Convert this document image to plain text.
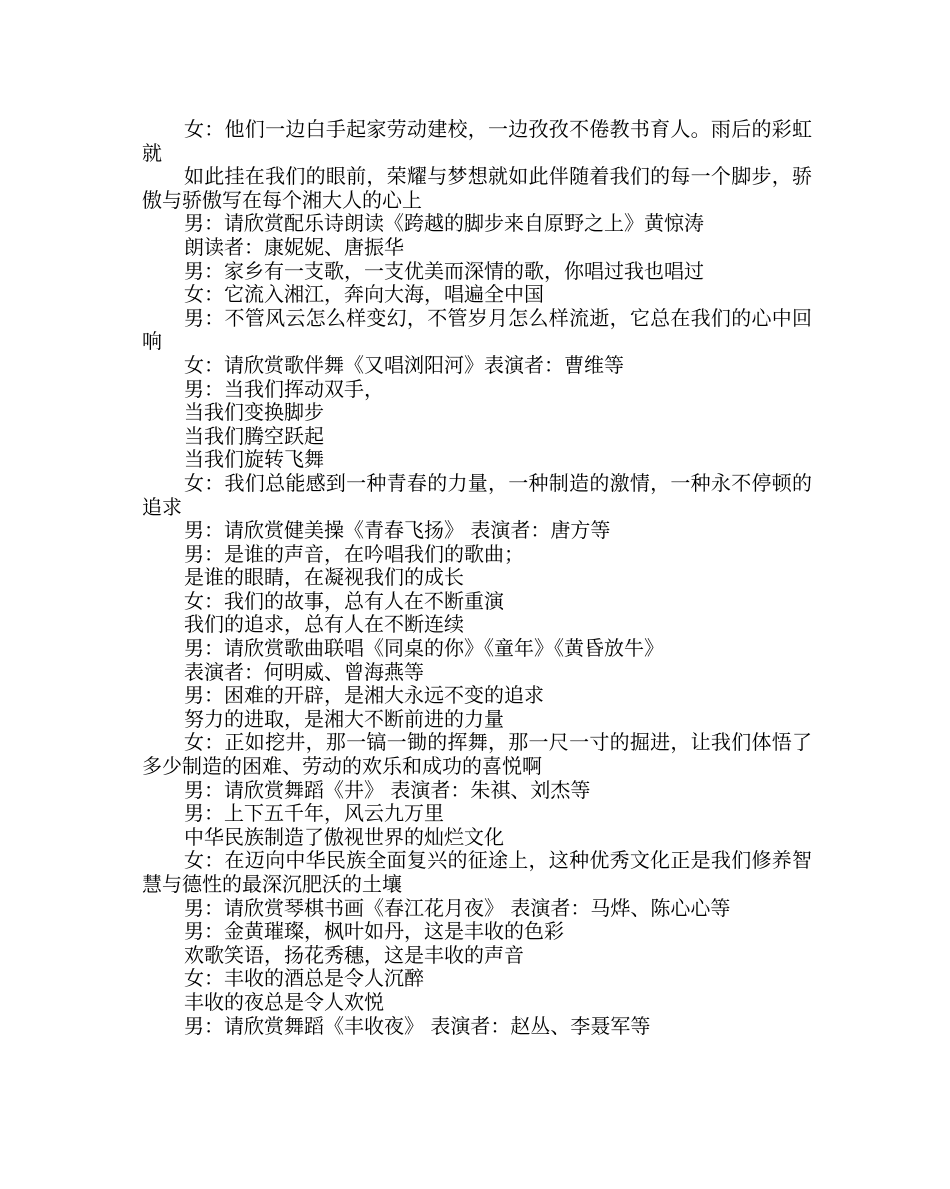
女：他们一边白手起家劳动建校，一边孜孜不倦教书育人。雨后的彩虹就

如此挂在我们的眼前，荣耀与梦想就如此伴随着我们的每一个脚步，骄傲与骄傲写在每个湘大人的心上

男：请欣赏配乐诗朗读《跨越的脚步来自原野之上》黄惊涛

朗读者：康妮妮、唐振华

男：家乡有一支歌，一支优美而深情的歌，你唱过我也唱过

女：它流入湘江，奔向大海，唱遍全中国

男：不管风云怎么样变幻，不管岁月怎么样流逝，它总在我们的心中回响

女：请欣赏歌伴舞《又唱浏阳河》表演者：曹维等

男：当我们挥动双手，

当我们变换脚步

当我们腾空跃起

当我们旋转飞舞

女：我们总能感到一种青春的力量，一种制造的激情，一种永不停顿的追求

男：请欣赏健美操《青春飞扬》 表演者：唐方等

男：是谁的声音，在吟唱我们的歌曲；

是谁的眼睛，在凝视我们的成长

女：我们的故事，总有人在不断重演

我们的追求，总有人在不断连续

男：请欣赏歌曲联唱《同桌的你》《童年》《黄昏放牛》

表演者：何明威、曾海燕等

男：困难的开辟，是湘大永远不变的追求

努力的进取，是湘大不断前进的力量

女：正如挖井，那一镐一锄的挥舞，那一尺一寸的掘进，让我们体悟了多少制造的困难、劳动的欢乐和成功的喜悦啊

男：请欣赏舞蹈《井》 表演者：朱祺、刘杰等

男：上下五千年，风云九万里

中华民族制造了傲视世界的灿烂文化

女：在迈向中华民族全面复兴的征途上，这种优秀文化正是我们修养智慧与德性的最深沉肥沃的土壤

男：请欣赏琴棋书画《春江花月夜》 表演者：马烨、陈心心等

男：金黄璀璨，枫叶如丹，这是丰收的色彩

欢歌笑语，扬花秀穗，这是丰收的声音

女：丰收的酒总是令人沉醉

丰收的夜总是令人欢悦

男：请欣赏舞蹈《丰收夜》 表演者：赵丛、李聂军等
